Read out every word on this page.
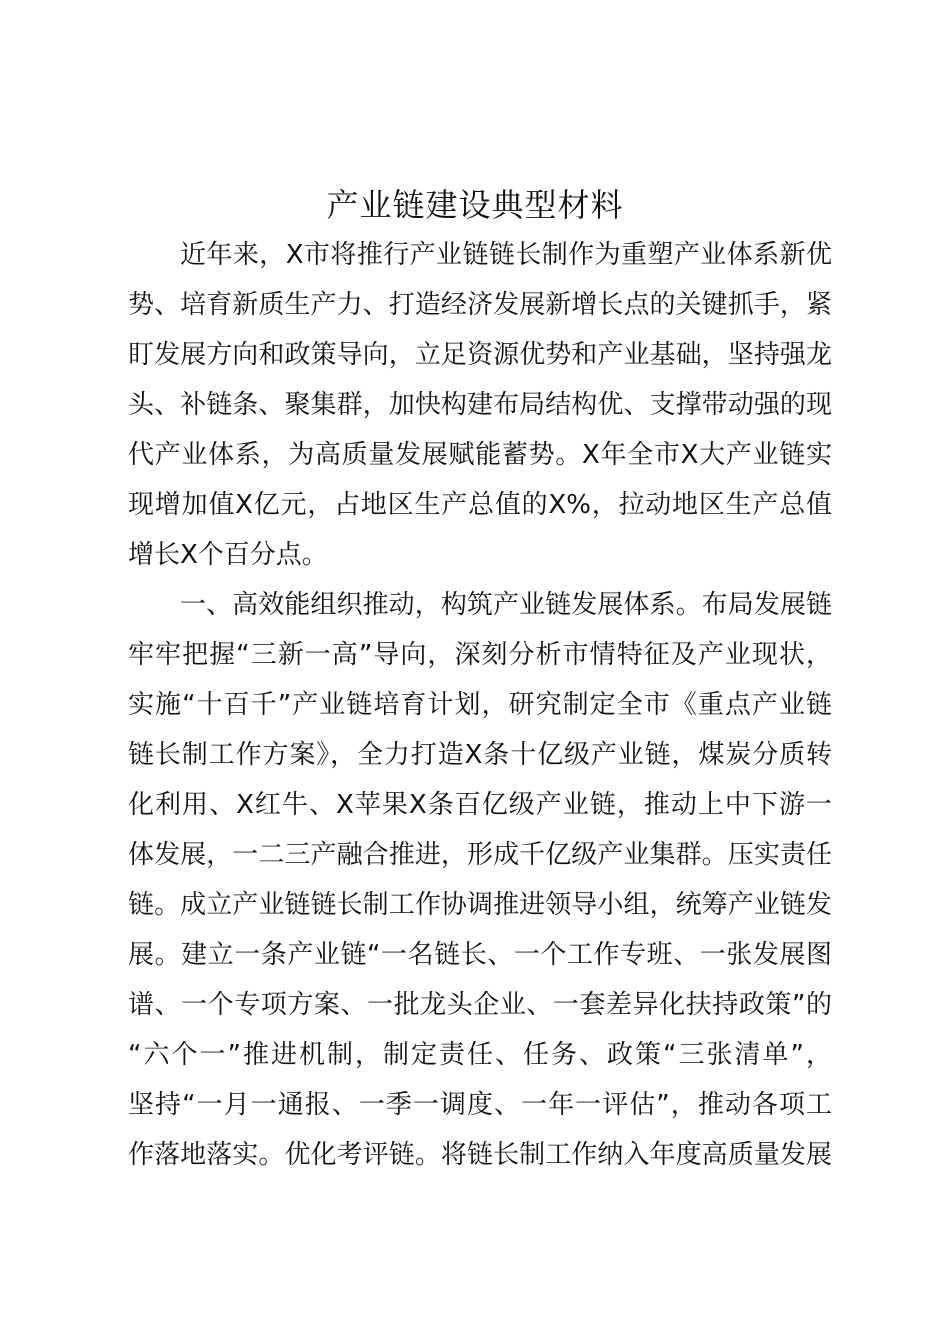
产业链建设典型材料
近年来，X市将推行产业链链长制作为重塑产业体系新优
势、培育新质生产力、打造经济发展新增长点的关键抓手，紧
盯发展方向和政策导向，立足资源优势和产业基础，坚持强龙
头、补链条、聚集群，加快构建布局结构优、支撑带动强的现
代产业体系，为高质量发展赋能蓄势。X年全市X大产业链实
现增加值X亿元，占地区生产总值的X%，拉动地区生产总值
增长X个百分点。
一、高效能组织推动，构筑产业链发展体系。布局发展链
牢牢把握“三新一高”导向，深刻分析市情特征及产业现状，
实施“十百千”产业链培育计划，研究制定全市《重点产业链
链长制工作方案》，全力打造X条十亿级产业链，煤炭分质转
化利用、X红牛、X苹果X条百亿级产业链，推动上中下游一
体发展，一二三产融合推进，形成千亿级产业集群。压实责任
链。成立产业链链长制工作协调推进领导小组，统筹产业链发
展。建立一条产业链“一名链长、一个工作专班、一张发展图
谱、一个专项方案、一批龙头企业、一套差异化扶持政策”的
“六个一”推进机制，制定责任、任务、政策“三张清单”，
坚持“一月一通报、一季一调度、一年一评估”，推动各项工
作落地落实。优化考评链。将链长制工作纳入年度高质量发展
